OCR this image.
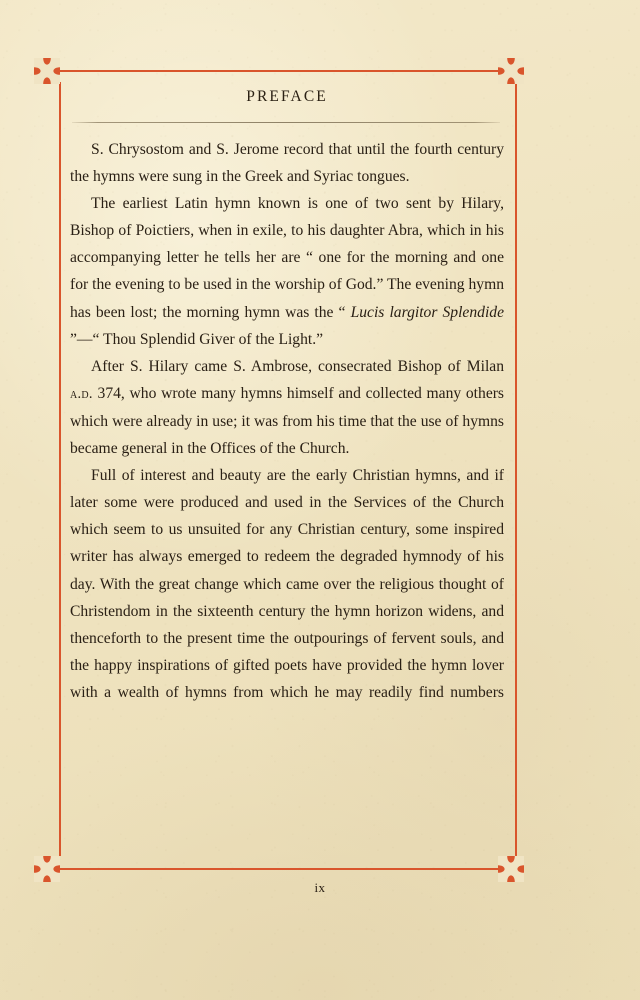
PREFACE

S. Chrysostom and S. Jerome record that until the fourth century the hymns were sung in the Greek and Syriac tongues.

The earliest Latin hymn known is one of two sent by Hilary, Bishop of Poictiers, when in exile, to his daughter Abra, which in his accompanying letter he tells her are “ one for the morning and one for the evening to be used in the worship of God.” The evening hymn has been lost; the morning hymn was the “ Lucis largitor Splendide ”—“ Thou Splendid Giver of the Light.”

After S. Hilary came S. Ambrose, consecrated Bishop of Milan a.d. 374, who wrote many hymns himself and collected many others which were already in use; it was from his time that the use of hymns became general in the Offices of the Church.

Full of interest and beauty are the early Christian hymns, and if later some were produced and used in the Services of the Church which seem to us unsuited for any Christian century, some inspired writer has always emerged to redeem the degraded hymnody of his day. With the great change which came over the religious thought of Christendom in the sixteenth century the hymn horizon widens, and thenceforth to the present time the outpourings of fervent souls, and the happy inspirations of gifted poets have provided the hymn lover with a wealth of hymns from which he may readily find numbers

ix
